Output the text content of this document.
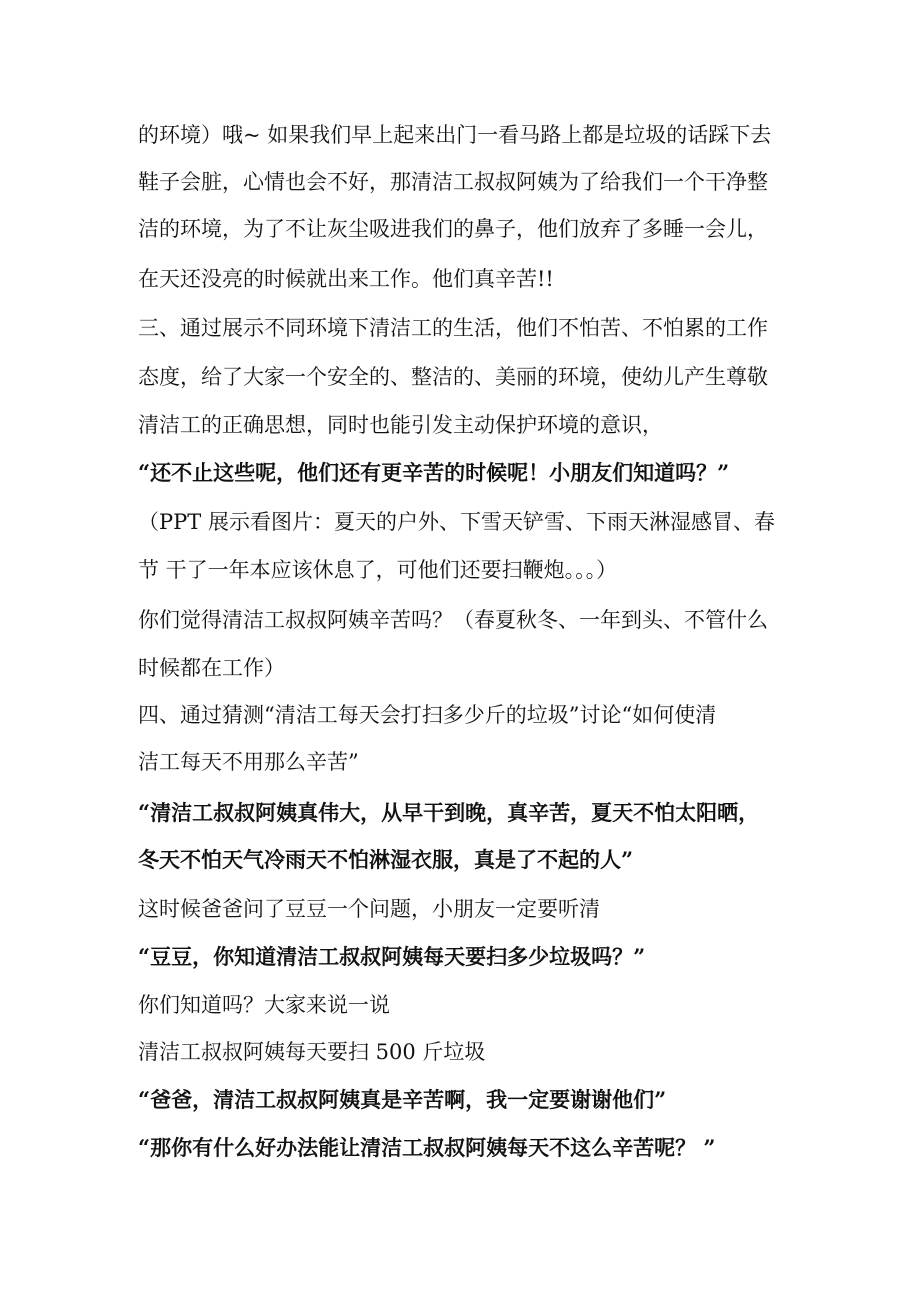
的环境）哦~ 如果我们早上起来出门一看马路上都是垃圾的话踩下去
鞋子会脏，心情也会不好，那清洁工叔叔阿姨为了给我们一个干净整
洁的环境，为了不让灰尘吸进我们的鼻子，他们放弃了多睡一会儿，
在天还没亮的时候就出来工作。他们真辛苦!!
三、通过展示不同环境下清洁工的生活，他们不怕苦、不怕累的工作
态度，给了大家一个安全的、整洁的、美丽的环境，使幼儿产生尊敬
清洁工的正确思想，同时也能引发主动保护环境的意识，
“还不止这些呢，他们还有更辛苦的时候呢！小朋友们知道吗？”
（PPT 展示看图片：夏天的户外、下雪天铲雪、下雨天淋湿感冒、春
节 干了一年本应该休息了，可他们还要扫鞭炮。。。）
你们觉得清洁工叔叔阿姨辛苦吗？（春夏秋冬、一年到头、不管什么
时候都在工作）
四、通过猜测“清洁工每天会打扫多少斤的垃圾”讨论“如何使清
洁工每天不用那么辛苦”
“清洁工叔叔阿姨真伟大，从早干到晚，真辛苦，夏天不怕太阳晒，
冬天不怕天气冷雨天不怕淋湿衣服，真是了不起的人”
这时候爸爸问了豆豆一个问题，小朋友一定要听清
“豆豆，你知道清洁工叔叔阿姨每天要扫多少垃圾吗？”
你们知道吗？大家来说一说
清洁工叔叔阿姨每天要扫 500 斤垃圾
“爸爸，清洁工叔叔阿姨真是辛苦啊，我一定要谢谢他们”
“那你有什么好办法能让清洁工叔叔阿姨每天不这么辛苦呢？ ”
